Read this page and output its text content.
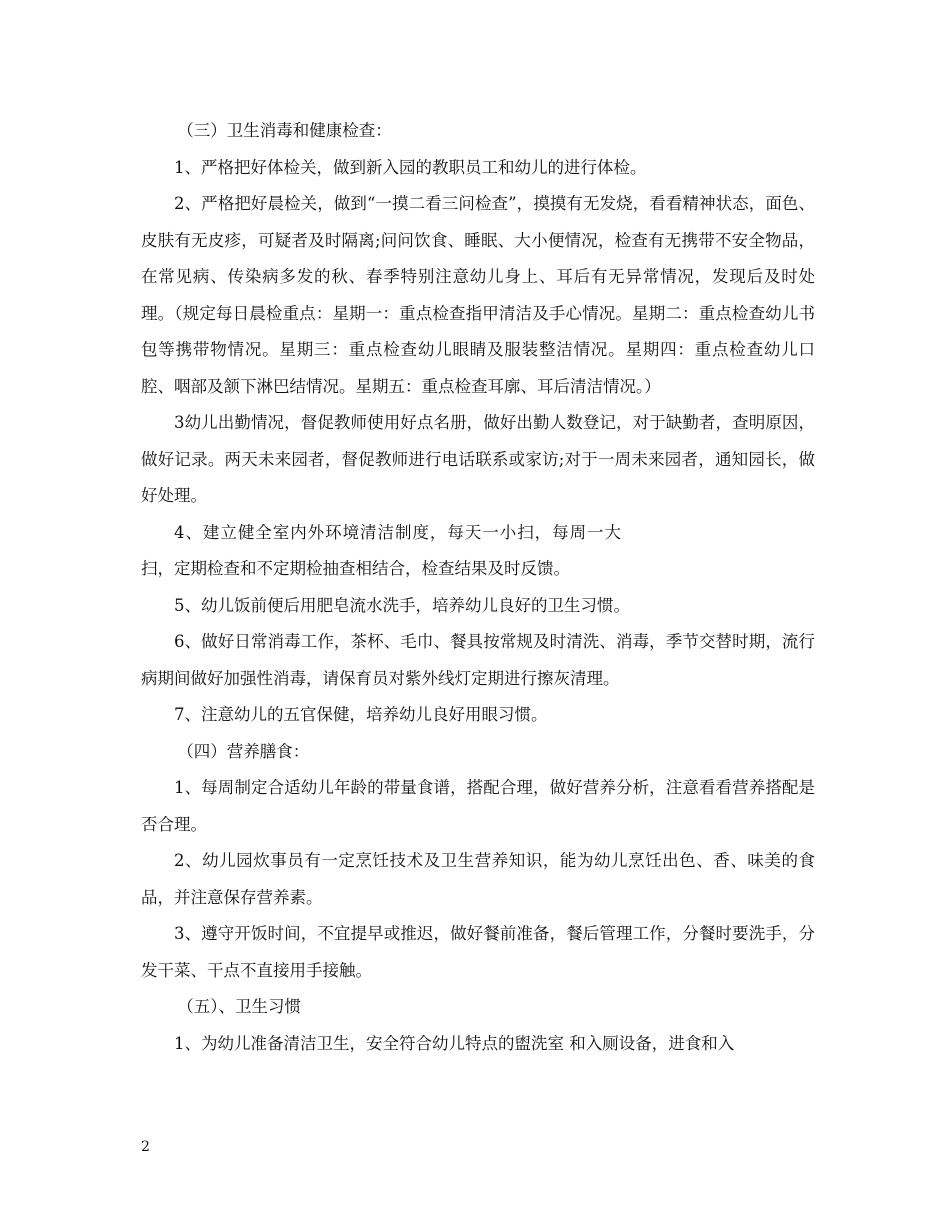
（三）卫生消毒和健康检查：

1、严格把好体检关，做到新入园的教职员工和幼儿的进行体检。

2、严格把好晨检关，做到“一摸二看三问检查”，摸摸有无发烧，看看精神状态，面色、皮肤有无皮疹，可疑者及时隔离;问问饮食、睡眠、大小便情况，检查有无携带不安全物品，在常见病、传染病多发的秋、春季特别注意幼儿身上、耳后有无异常情况，发现后及时处理。（规定每日晨检重点：星期一：重点检查指甲清洁及手心情况。星期二：重点检查幼儿书包等携带物情况。星期三：重点检查幼儿眼睛及服装整洁情况。星期四：重点检查幼儿口腔、咽部及颔下淋巴结情况。星期五：重点检查耳廓、耳后清洁情况。）

3幼儿出勤情况，督促教师使用好点名册，做好出勤人数登记，对于缺勤者，查明原因，做好记录。两天未来园者，督促教师进行电话联系或家访;对于一周未来园者，通知园长，做好处理。

4、建立健全室内外环境清洁制度，每天一小扫，每周一大扫，定期检查和不定期检抽查相结合，检查结果及时反馈。

5、幼儿饭前便后用肥皂流水洗手，培养幼儿良好的卫生习惯。

6、做好日常消毒工作，茶杯、毛巾、餐具按常规及时清洗、消毒，季节交替时期，流行病期间做好加强性消毒，请保育员对紫外线灯定期进行擦灰清理。

7、注意幼儿的五官保健，培养幼儿良好用眼习惯。

（四）营养膳食：

1、每周制定合适幼儿年龄的带量食谱，搭配合理，做好营养分析，注意看看营养搭配是否合理。

2、幼儿园炊事员有一定烹饪技术及卫生营养知识，能为幼儿烹饪出色、香、味美的食品，并注意保存营养素。

3、遵守开饭时间，不宜提早或推迟，做好餐前准备，餐后管理工作，分餐时要洗手，分发干菜、干点不直接用手接触。

（五）、卫生习惯

1、为幼儿准备清洁卫生，安全符合幼儿特点的盥洗室 和入厕设备，进食和入

2
